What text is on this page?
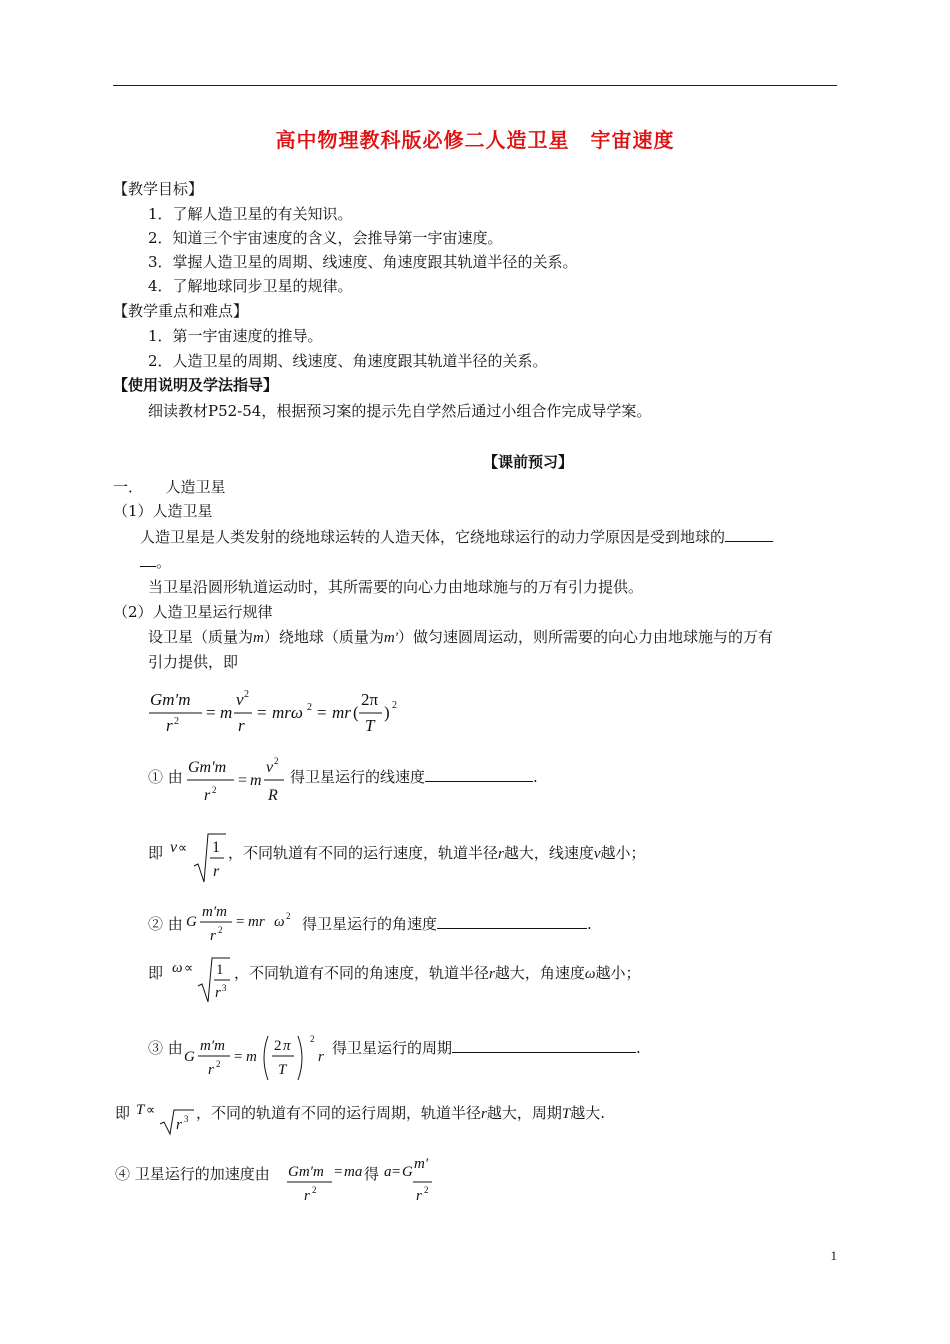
高中物理教科版必修二人造卫星　宇宙速度
【教学目标】
1．了解人造卫星的有关知识。
2．知道三个宇宙速度的含义，会推导第一宇宙速度。
3．掌握人造卫星的周期、线速度、角速度跟其轨道半径的关系。
4．了解地球同步卫星的规律。
【教学重点和难点】
1．第一宇宙速度的推导。
2．人造卫星的周期、线速度、角速度跟其轨道半径的关系。
【使用说明及学法指导】
细读教材P52-54，根据预习案的提示先自学然后通过小组合作完成导学案。
【课前预习】
一．　　人造卫星
（1）人造卫星
人造卫星是人类发射的绕地球运转的人造天体，它绕地球运行的动力学原因是受到地球的
。
当卫星沿圆形轨道运动时，其所需要的向心力由地球施与的万有引力提供。
（2）人造卫星运行规律
设卫星（质量为m）绕地球（质量为m′）做匀速圆周运动，则所需要的向心力由地球施与的万有
引力提供，即
Gm′m
r 2 = m
v 2
r
= mrω 2 = mr (
2π
T
) 2
① 由
Gm′m
r 2
= m
v 2
R
得卫星运行的线速度	.
即 v ∝ 1
r
，不同轨道有不同的运行速度，轨道半径r越大，线速度v越小；
② 由 G
m′m
r 2 = mr ω 2 得卫星运行的角速度	.
即 ω ∝ 1
r 3
，不同轨道有不同的角速度，轨道半径r越大，角速度ω越小；
③ 由 G
m′m
r 2 = m
2 π
T
2
r 得卫星运行的周期	.
即 T ∝
r 3 ，不同的轨道有不同的运行周期，轨道半径r越大，周期T越大.
④ 卫星运行的加速度由 Gm′m
r 2
= ma 得 a = G m′
r 2
1
